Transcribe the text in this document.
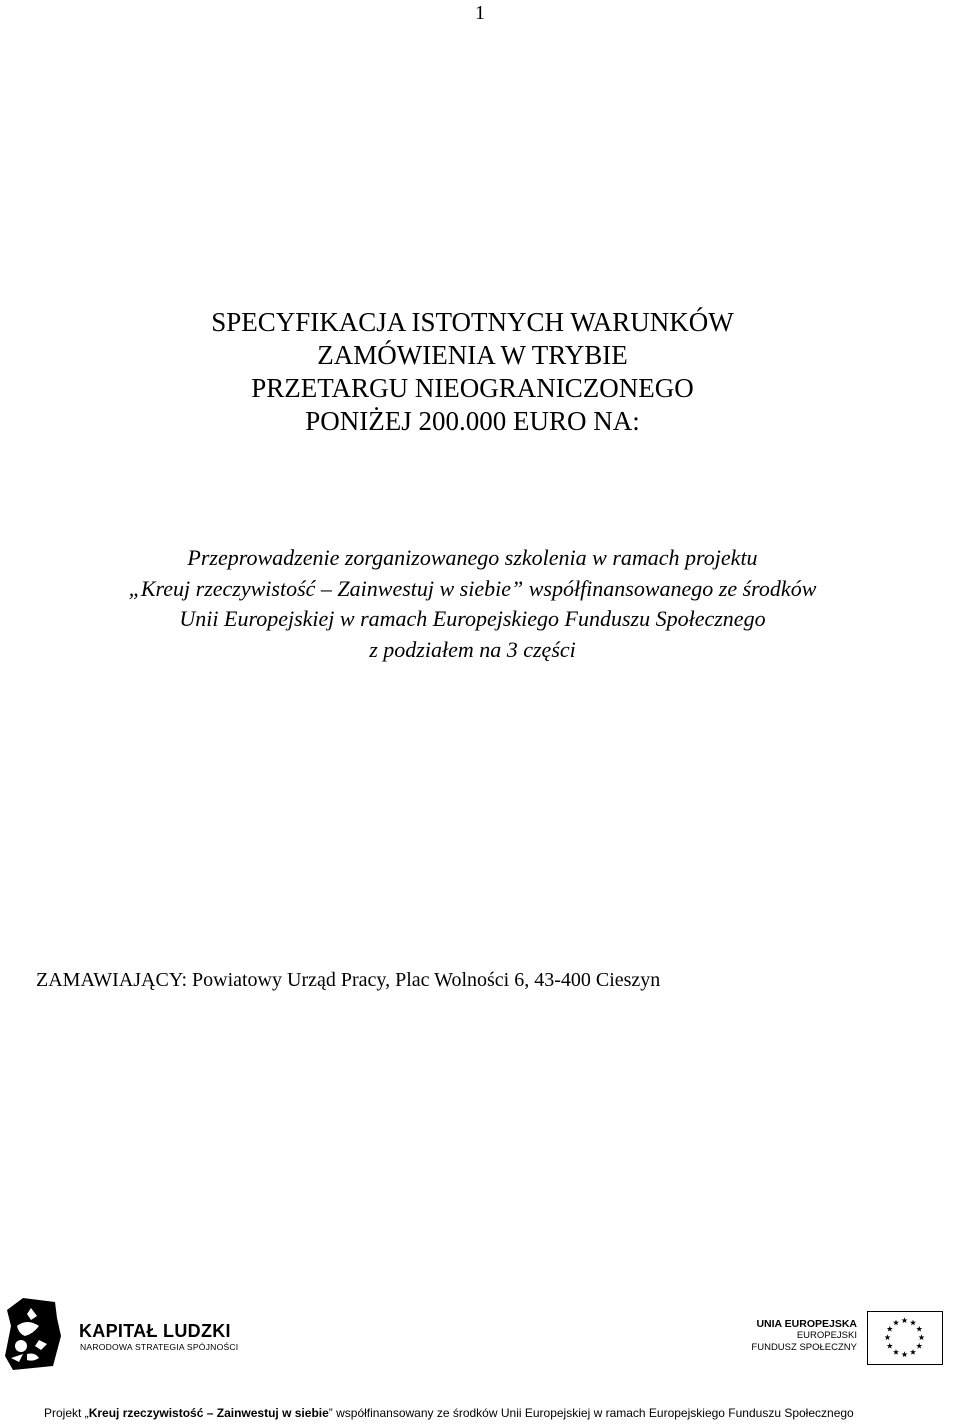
1
SPECYFIKACJA ISTOTNYCH WARUNKÓW
ZAMÓWIENIA W TRYBIE
PRZETARGU NIEOGRANICZONEGO
PONIŻEJ 200.000 EURO NA:
Przeprowadzenie zorganizowanego szkolenia w ramach projektu
„Kreuj rzeczywistość – Zainwestuj w siebie” współfinansowanego ze środków
Unii Europejskiej w ramach Europejskiego Funduszu Społecznego
z podziałem na 3 części
ZAMAWIAJĄCY: Powiatowy Urząd Pracy, Plac Wolności 6, 43-400 Cieszyn
KAPITAŁ LUDZKI
NARODOWA STRATEGIA SPÓJNOŚCI
UNIA EUROPEJSKA
EUROPEJSKI
FUNDUSZ SPOŁECZNY
Projekt „Kreuj rzeczywistość – Zainwestuj w siebie” współfinansowany ze środków Unii Europejskiej w ramach Europejskiego Funduszu Społecznego
